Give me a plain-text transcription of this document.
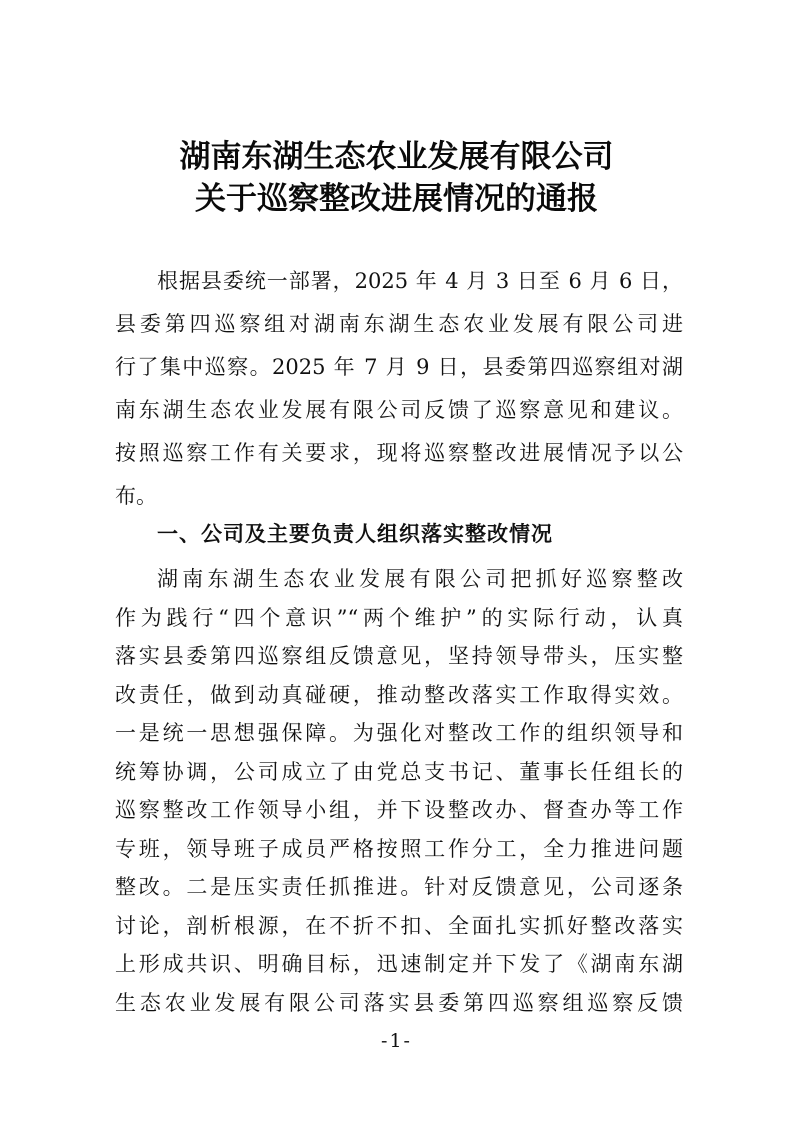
湖南东湖生态农业发展有限公司
关于巡察整改进展情况的通报
根据县委统一部署，2025 年 4 月 3 日至 6 月 6 日，
县委第四巡察组对湖南东湖生态农业发展有限公司进
行了集中巡察。2025 年 7 月 9 日，县委第四巡察组对湖
南东湖生态农业发展有限公司反馈了巡察意见和建议。
按照巡察工作有关要求，现将巡察整改进展情况予以公
布。
一、公司及主要负责人组织落实整改情况
湖南东湖生态农业发展有限公司把抓好巡察整改
作为践行“四个意识”“两个维护”的实际行动，认真
落实县委第四巡察组反馈意见，坚持领导带头，压实整
改责任，做到动真碰硬，推动整改落实工作取得实效。
一是统一思想强保障。为强化对整改工作的组织领导和
统筹协调，公司成立了由党总支书记、董事长任组长的
巡察整改工作领导小组，并下设整改办、督查办等工作
专班，领导班子成员严格按照工作分工，全力推进问题
整改。二是压实责任抓推进。针对反馈意见，公司逐条
讨论，剖析根源，在不折不扣、全面扎实抓好整改落实
上形成共识、明确目标，迅速制定并下发了《湖南东湖
-1-
生态农业发展有限公司落实县委第四巡察组巡察反馈
